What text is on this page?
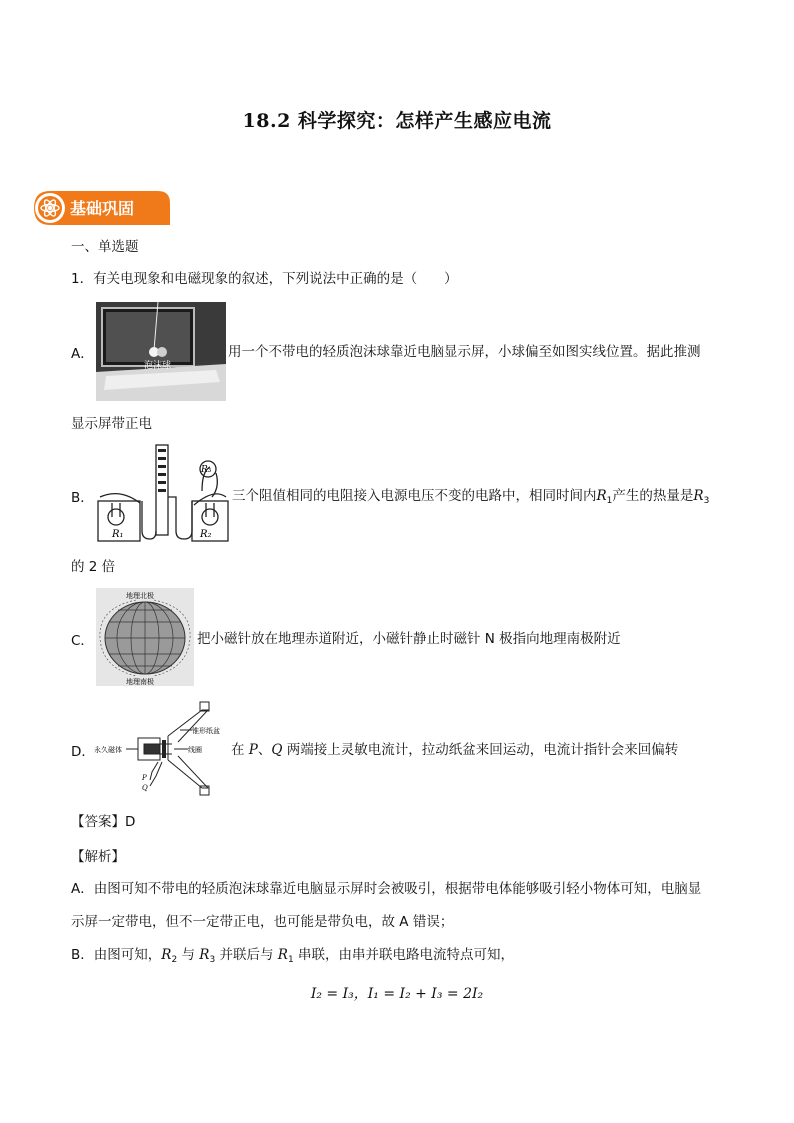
18.2 科学探究：怎样产生感应电流
基础巩固
一、单选题
1．有关电现象和电磁现象的叙述，下列说法中正确的是（　　）
A．
泡沫球
用一个不带电的轻质泡沫球靠近电脑显示屏，小球偏至如图实线位置。据此推测
显示屏带正电
B．
R₁	R₂
R₃
三个阻值相同的电阻接入电源电压不变的电路中，相同时间内$R_1$产生的热量是$R_3$
的 2 倍
C．
地理北极
地理南极
把小磁针放在地理赤道附近，小磁针静止时磁针 N 极指向地理南极附近
D． 永久磁体
锥形纸盆
线圈
P
Q
在 P、Q 两端接上灵敏电流计，拉动纸盆来回运动，电流计指针会来回偏转
【答案】D
【解析】
A．由图可知不带电的轻质泡沫球靠近电脑显示屏时会被吸引，根据带电体能够吸引轻小物体可知，电脑显
示屏一定带电，但不一定带正电，也可能是带负电，故 A 错误；
B．由图可知，$R_2$ 与 $R_3$ 并联后与 $R_1$ 串联，由串并联电路电流特点可知，
I₂ = I₃，I₁ = I₂ + I₃ = 2I₂
